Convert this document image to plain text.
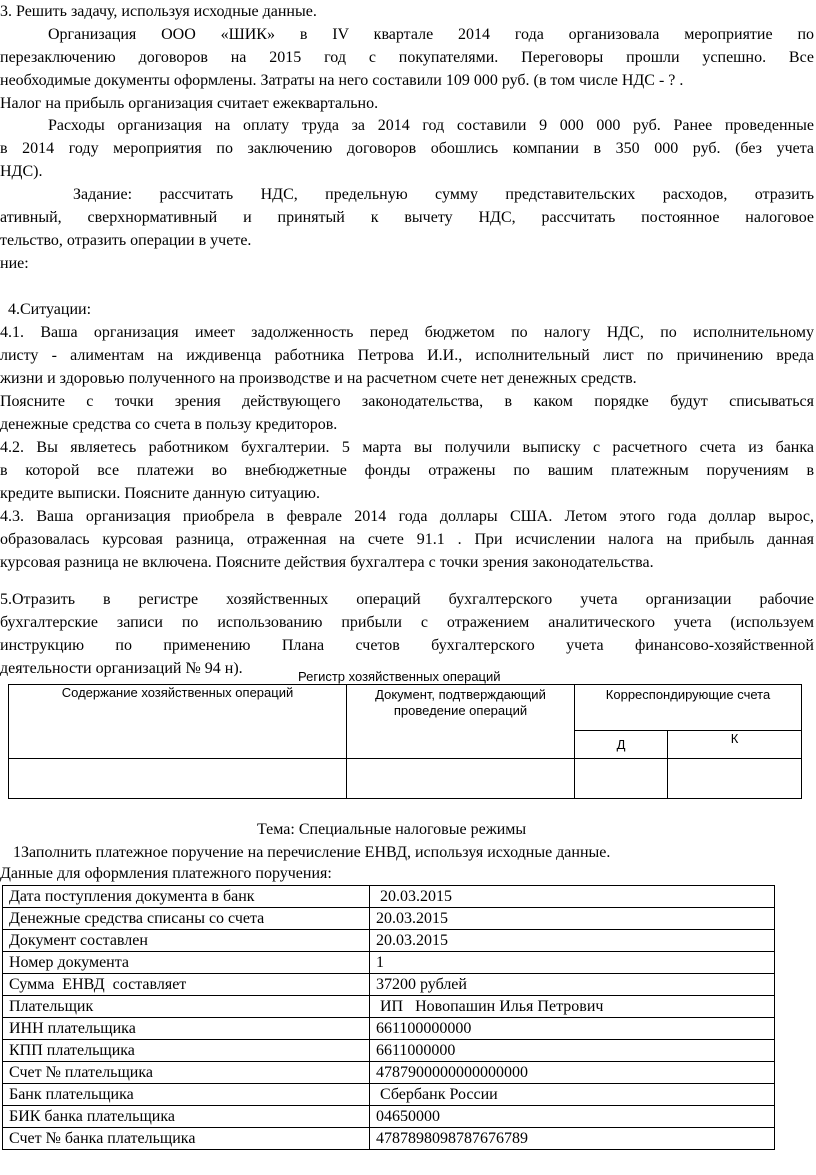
3. Решить задачу, используя исходные данные.
Организация ООО «ШИК» в IV квартале 2014 года организовала мероприятие по
перезаключению договоров на 2015 год с покупателями. Переговоры прошли успешно. Все
необходимые документы оформлены. Затраты на него составили 109 000 руб. (в том числе НДС - ? .
Налог на прибыль организация считает ежеквартально.
Расходы организация на оплату труда за 2014 год составили 9 000 000 руб. Ранее проведенные
в 2014 году мероприятия по заключению договоров обошлись компании в 350 000 руб. (без учета
НДС).
Задание: рассчитать НДС, предельную сумму представительских расходов, отразить
ативный, сверхнормативный и принятый к вычету НДС, рассчитать постоянное налоговое
тельство, отразить операции в учете.
ние:
4.Ситуации:
4.1. Ваша организация имеет задолженность перед бюджетом по налогу НДС, по исполнительному
листу - алиментам на иждивенца работника Петрова И.И., исполнительный лист по причинению вреда
жизни и здоровью полученного на производстве и на расчетном счете нет денежных средств.
Поясните с точки зрения действующего законодательства, в каком порядке будут списываться
денежные средства со счета в пользу кредиторов.
4.2. Вы являетесь работником бухгалтерии. 5 марта вы получили выписку с расчетного счета из банка
в которой все платежи во внебюджетные фонды отражены по вашим платежным поручениям в
кредите выписки. Поясните данную ситуацию.
4.3. Ваша организация приобрела в феврале 2014 года доллары США. Летом этого года доллар вырос,
образовалась курсовая разница, отраженная на счете 91.1 . При исчислении налога на прибыль данная
курсовая разница не включена. Поясните действия бухгалтера с точки зрения законодательства.
5.Отразить в регистре хозяйственных операций бухгалтерского учета организации рабочие
бухгалтерские записи по использованию прибыли с отражением аналитического учета (используем
инструкцию по применению Плана счетов бухгалтерского учета финансово-хозяйственной
деятельности организаций № 94 н).	Регистр хозяйственных операций
Содержание хозяйственных операций	Документ, подтверждающий проведение операций	Корреспондирующие счета	
		Д	К

Тема: Специальные налоговые режимы
1Заполнить платежное поручение на перечисление ЕНВД, используя исходные данные.
Данные для оформления платежного поручения:
Дата поступления документа в банк	20.03.2015
Денежные средства списаны со счета	20.03.2015
Документ составлен	20.03.2015
Номер документа	1
Сумма  ЕНВД  составляет	37200 рублей
Плательщик	ИП   Новопашин Илья Петрович
ИНН плательщика	661100000000
КПП плательщика	6611000000
Счет № плательщика	4787900000000000000
Банк плательщика	Сбербанк России
БИК банка плательщика	04650000
Счет № банка плательщика	4787898098787676789
